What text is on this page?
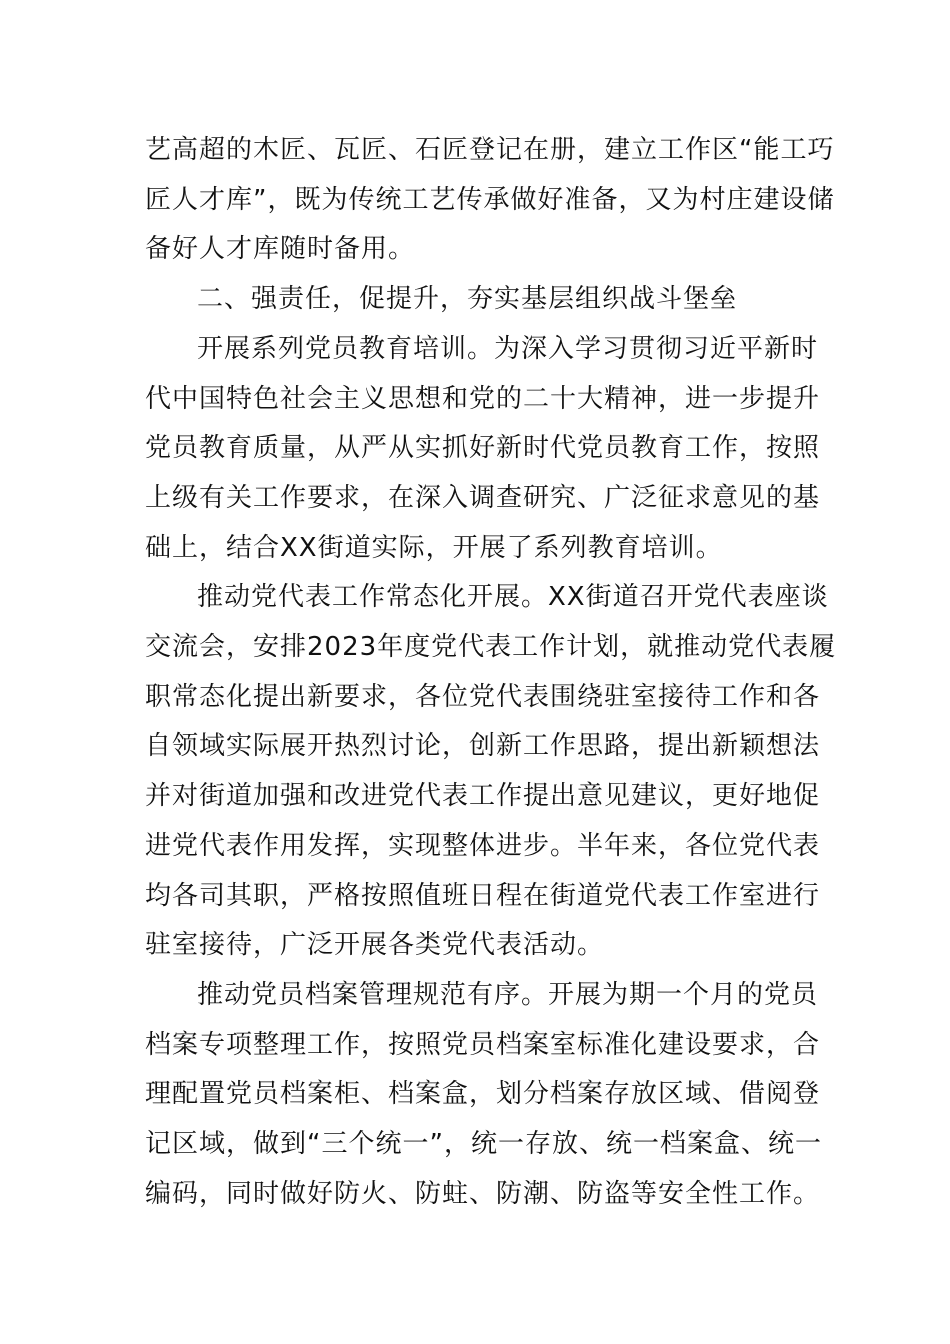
艺高超的木匠、瓦匠、石匠登记在册，建立工作区“能工巧
匠人才库”，既为传统工艺传承做好准备，又为村庄建设储
备好人才库随时备用。

二、强责任，促提升，夯实基层组织战斗堡垒

开展系列党员教育培训。为深入学习贯彻习近平新时
代中国特色社会主义思想和党的二十大精神，进一步提升
党员教育质量，从严从实抓好新时代党员教育工作，按照
上级有关工作要求，在深入调查研究、广泛征求意见的基
础上，结合XX街道实际，开展了系列教育培训。

推动党代表工作常态化开展。XX街道召开党代表座谈
交流会，安排2023年度党代表工作计划，就推动党代表履
职常态化提出新要求，各位党代表围绕驻室接待工作和各
自领域实际展开热烈讨论，创新工作思路，提出新颖想法
并对街道加强和改进党代表工作提出意见建议，更好地促
进党代表作用发挥，实现整体进步。半年来，各位党代表
均各司其职，严格按照值班日程在街道党代表工作室进行
驻室接待，广泛开展各类党代表活动。

推动党员档案管理规范有序。开展为期一个月的党员
档案专项整理工作，按照党员档案室标准化建设要求，合
理配置党员档案柜、档案盒，划分档案存放区域、借阅登
记区域，做到“三个统一”，统一存放、统一档案盒、统一
编码，同时做好防火、防蛀、防潮、防盗等安全性工作。
